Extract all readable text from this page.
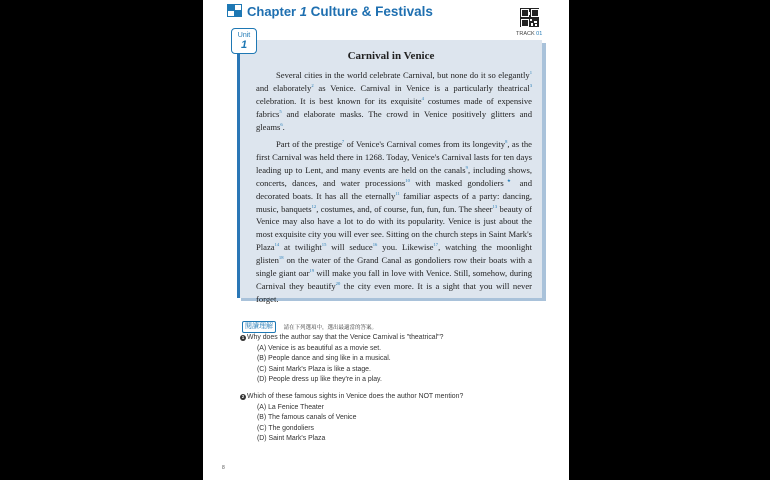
Chapter 1 Culture & Festivals
TRACK 01
Unit
1
Carnival in Venice

Several cities in the world celebrate Carnival, but none do it so elegantly$^1$ and elaborately$^2$ as Venice. Carnival in Venice is a particularly theatrical$^3$ celebration. It is best known for its exquisite$^4$ costumes made of expensive fabrics$^5$ and elaborate masks. The crowd in Venice positively glitters and gleams$^6$.

Part of the prestige$^7$ of Venice's Carnival comes from its longevity$^8$, as the first Carnival was held there in 1268. Today, Venice's Carnival lasts for ten days leading up to Lent, and many events are held on the canals$^9$, including shows, concerts, dances, and water processions$^{10}$ with masked gondoliers★ and decorated boats. It has all the eternally$^{11}$ familiar aspects of a party: dancing, music, banquets$^{12}$, costumes, and, of course, fun, fun, fun. The sheer$^{13}$ beauty of Venice may also have a lot to do with its popularity. Venice is just about the most exquisite city you will ever see. Sitting on the church steps in Saint Mark's Plaza$^{14}$ at twilight$^{15}$ will seduce$^{16}$ you. Likewise$^{17}$, watching the moonlight glisten$^{18}$ on the water of the Grand Canal as gondoliers row their boats with a single giant oar$^{19}$ will make you fall in love with Venice. Still, somehow, during Carnival they beautify$^{20}$ the city even more. It is a sight that you will never forget.

閱讀理解 請在下列選項中，選出最適當的答案。
1 Why does the author say that the Venice Carnival is "theatrical"?
(A) Venice is as beautiful as a movie set.
(B) People dance and sing like in a musical.
(C) Saint Mark's Plaza is like a stage.
(D) People dress up like they're in a play.
2 Which of these famous sights in Venice does the author NOT mention?
(A) La Fenice Theater
(B) The famous canals of Venice
(C) The gondoliers
(D) Saint Mark's Plaza
8
